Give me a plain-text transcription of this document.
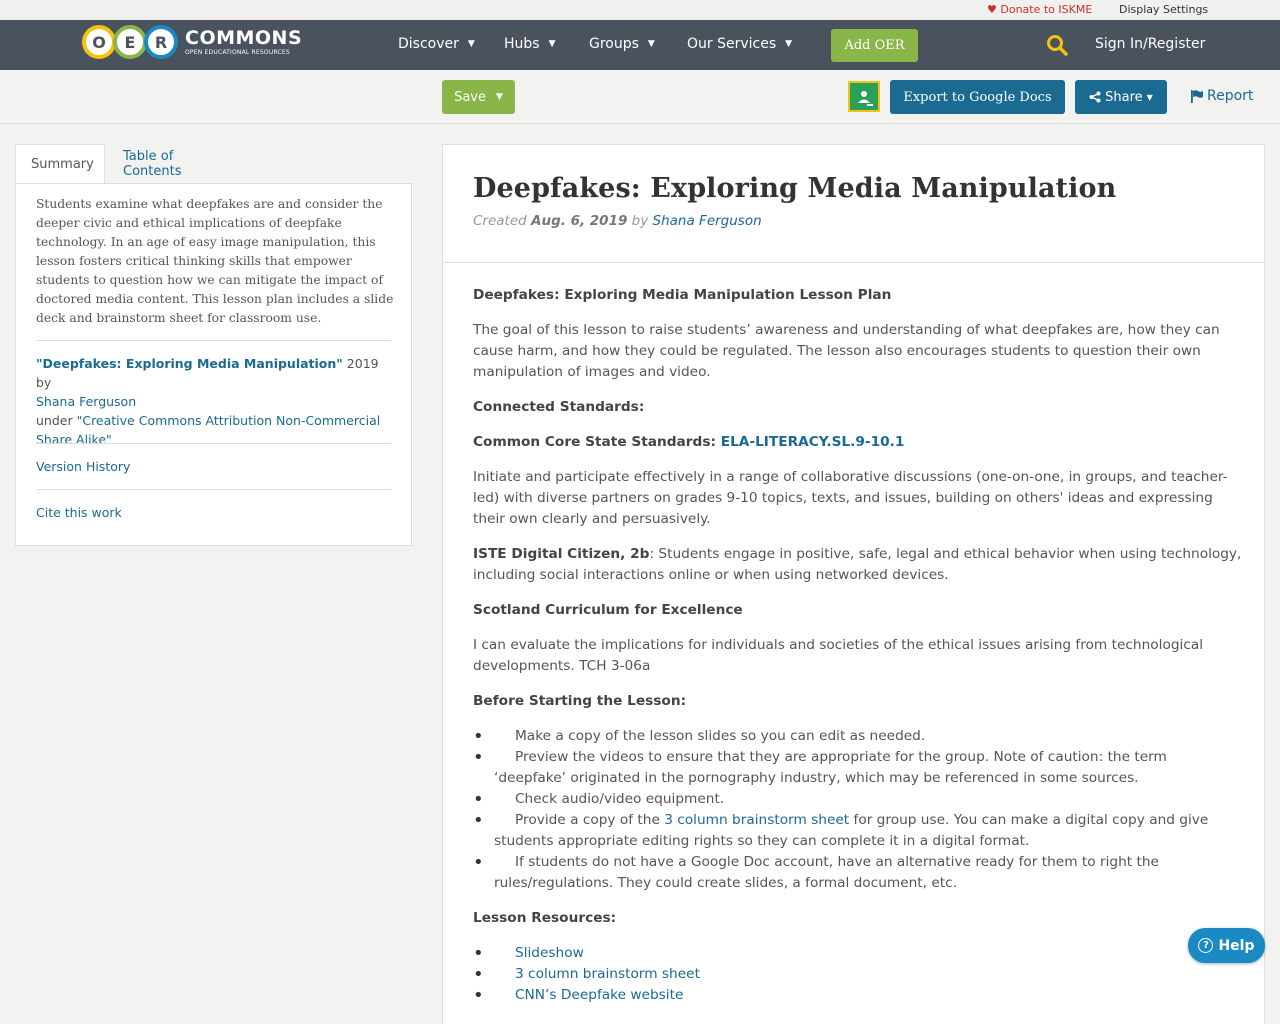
♥ Donate to ISKME Display Settings
O	E	R COMMONS
OPEN EDUCATIONAL RESOURCES	Discover ▼ Hubs ▼ Groups ▼ Our Services ▼	Add OER	Sign In/Register
Save ▼	Export to Google Docs	Share ▼	Report
Summary
Table of Contents
Students examine what deepfakes are and consider the deeper civic and ethical implications of deepfake technology. In an age of easy image manipulation, this lesson fosters critical thinking skills that empower students to question how we can mitigate the impact of doctored media content. This lesson plan includes a slide deck and brainstorm sheet for classroom use.
"Deepfakes: Exploring Media Manipulation" 2019 by
Shana Ferguson
under "Creative Commons Attribution Non-Commercial Share Alike"
Version History
Cite this work
Deepfakes: Exploring Media Manipulation
Created Aug. 6, 2019 by Shana Ferguson

Deepfakes: Exploring Media Manipulation Lesson Plan

The goal of this lesson to raise students’ awareness and understanding of what deepfakes are, how they can cause harm, and how they could be regulated. The lesson also encourages students to question their own manipulation of images and video.

Connected Standards:

Common Core State Standards: ELA-LITERACY.SL.9-10.1

Initiate and participate effectively in a range of collaborative discussions (one-on-one, in groups, and teacher-led) with diverse partners on grades 9-10 topics, texts, and issues, building on others' ideas and expressing their own clearly and persuasively.

ISTE Digital Citizen, 2b: Students engage in positive, safe, legal and ethical behavior when using technology, including social interactions online or when using networked devices.

Scotland Curriculum for Excellence

I can evaluate the implications for individuals and societies of the ethical issues arising from technological developments. TCH 3-06a

Before Starting the Lesson:

• Make a copy of the lesson slides so you can edit as needed.
• Preview the videos to ensure that they are appropriate for the group. Note of caution: the term ‘deepfake’ originated in the pornography industry, which may be referenced in some sources.
• Check audio/video equipment.
• Provide a copy of the 3 column brainstorm sheet for group use. You can make a digital copy and give students appropriate editing rights so they can complete it in a digital format.
• If students do not have a Google Doc account, have an alternative ready for them to right the rules/regulations. They could create slides, a formal document, etc.

Lesson Resources:

• Slideshow
• 3 column brainstorm sheet
• CNN’s Deepfake website
? Help
